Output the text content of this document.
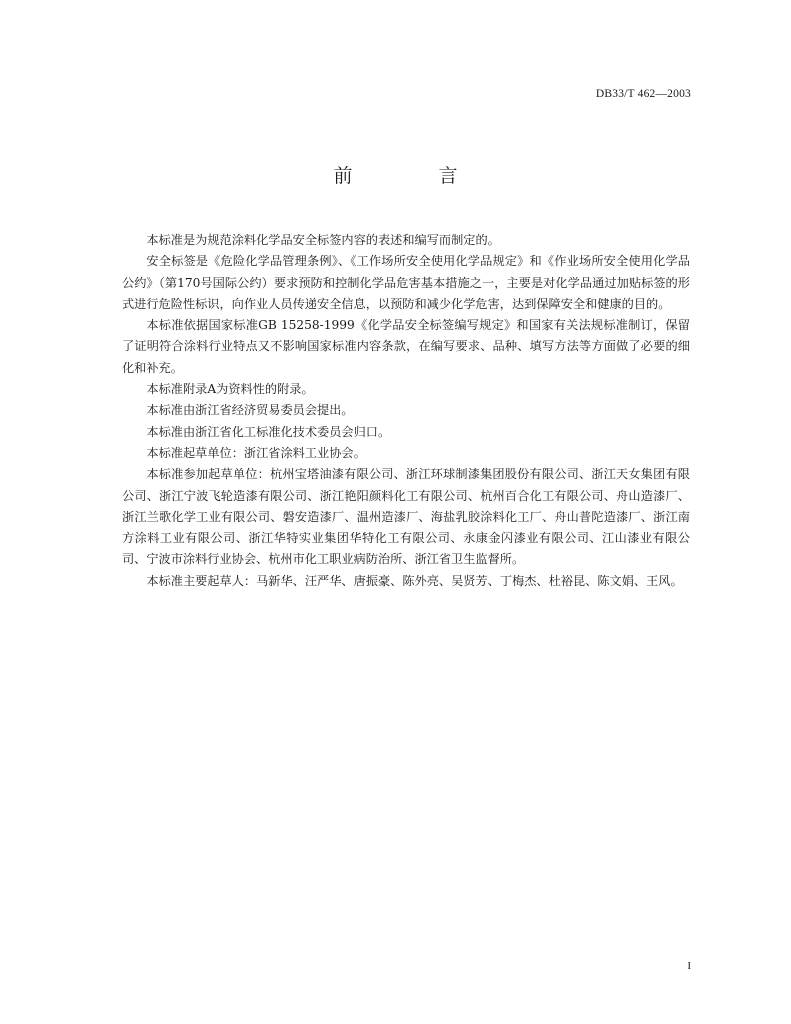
DB33/T 462—2003
前 言

本标准是为规范涂料化学品安全标签内容的表述和编写而制定的。

安全标签是《危险化学品管理条例》、《工作场所安全使用化学品规定》和《作业场所安全使用化学品公约》（第170号国际公约）要求预防和控制化学品危害基本措施之一，主要是对化学品通过加贴标签的形式进行危险性标识，向作业人员传递安全信息，以预防和减少化学危害，达到保障安全和健康的目的。

本标准依据国家标准GB 15258-1999《化学品安全标签编写规定》和国家有关法规标准制订，保留了证明符合涂料行业特点又不影响国家标准内容条款，在编写要求、品种、填写方法等方面做了必要的细化和补充。

本标准附录A为资料性的附录。

本标准由浙江省经济贸易委员会提出。

本标准由浙江省化工标准化技术委员会归口。

本标准起草单位：浙江省涂料工业协会。

本标准参加起草单位：杭州宝塔油漆有限公司、浙江环球制漆集团股份有限公司、浙江天女集团有限公司、浙江宁波飞轮造漆有限公司、浙江艳阳颜料化工有限公司、杭州百合化工有限公司、舟山造漆厂、浙江兰歌化学工业有限公司、磐安造漆厂、温州造漆厂、海盐乳胶涂料化工厂、舟山普陀造漆厂、浙江南方涂料工业有限公司、浙江华特实业集团华特化工有限公司、永康金闪漆业有限公司、江山漆业有限公司、宁波市涂料行业协会、杭州市化工职业病防治所、浙江省卫生监督所。

本标准主要起草人：马新华、汪严华、唐振豪、陈外亮、吴贤芳、丁梅杰、杜裕昆、陈文娟、王风。

I
